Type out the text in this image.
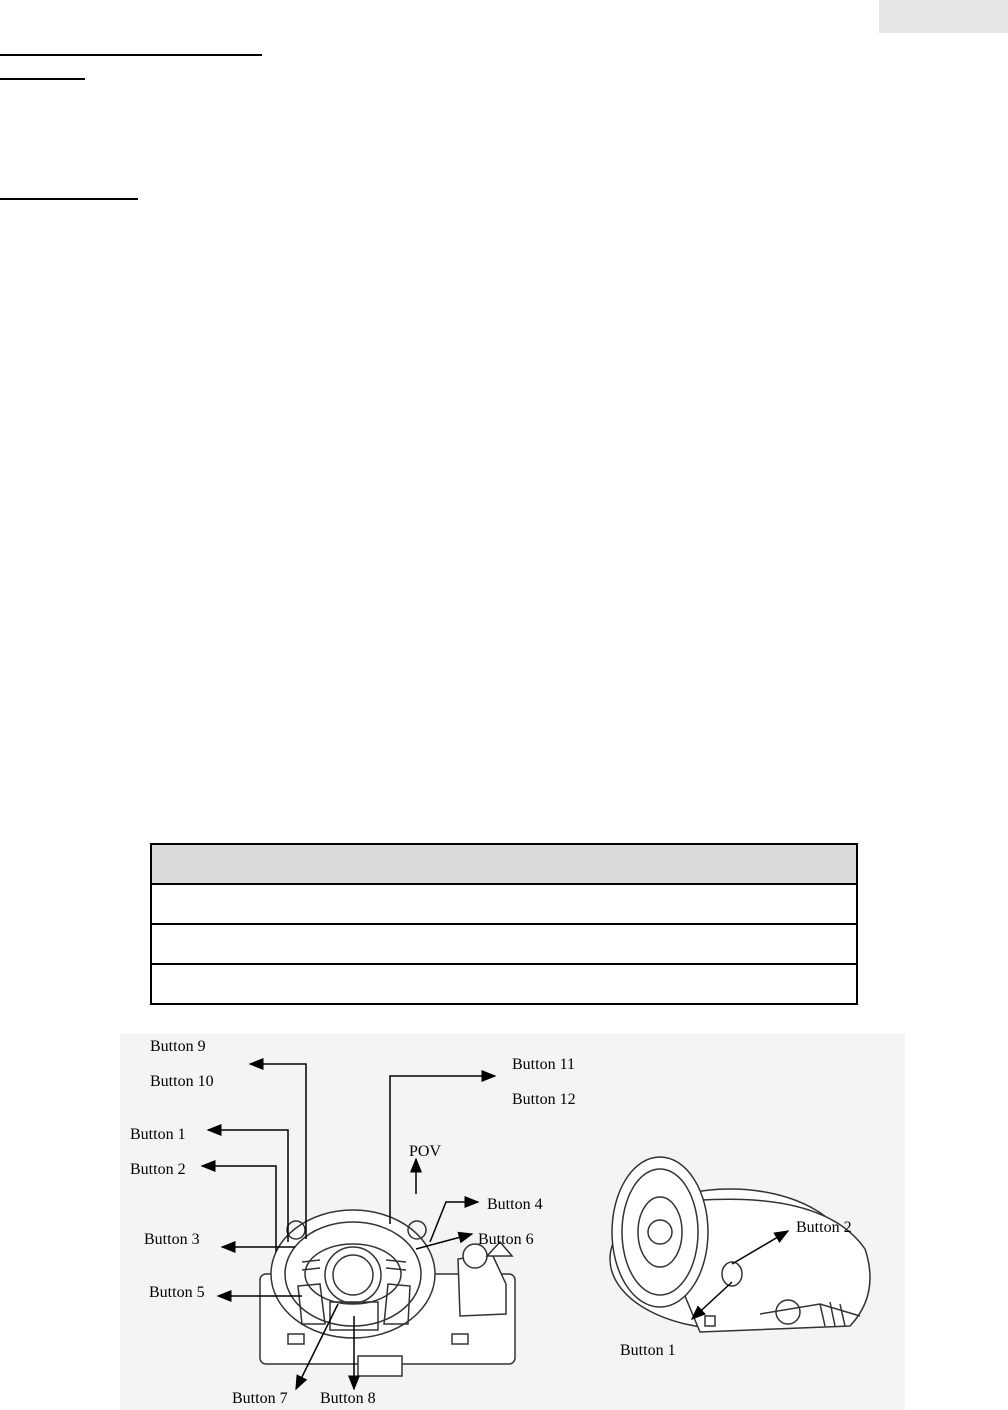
Button 9
Button 10
Button 11
Button 12
Button 1
Button 2
POV
Button 4
Button 3	Button 6
Button 5
Button 7 Button 8
Button 2
Button 1
